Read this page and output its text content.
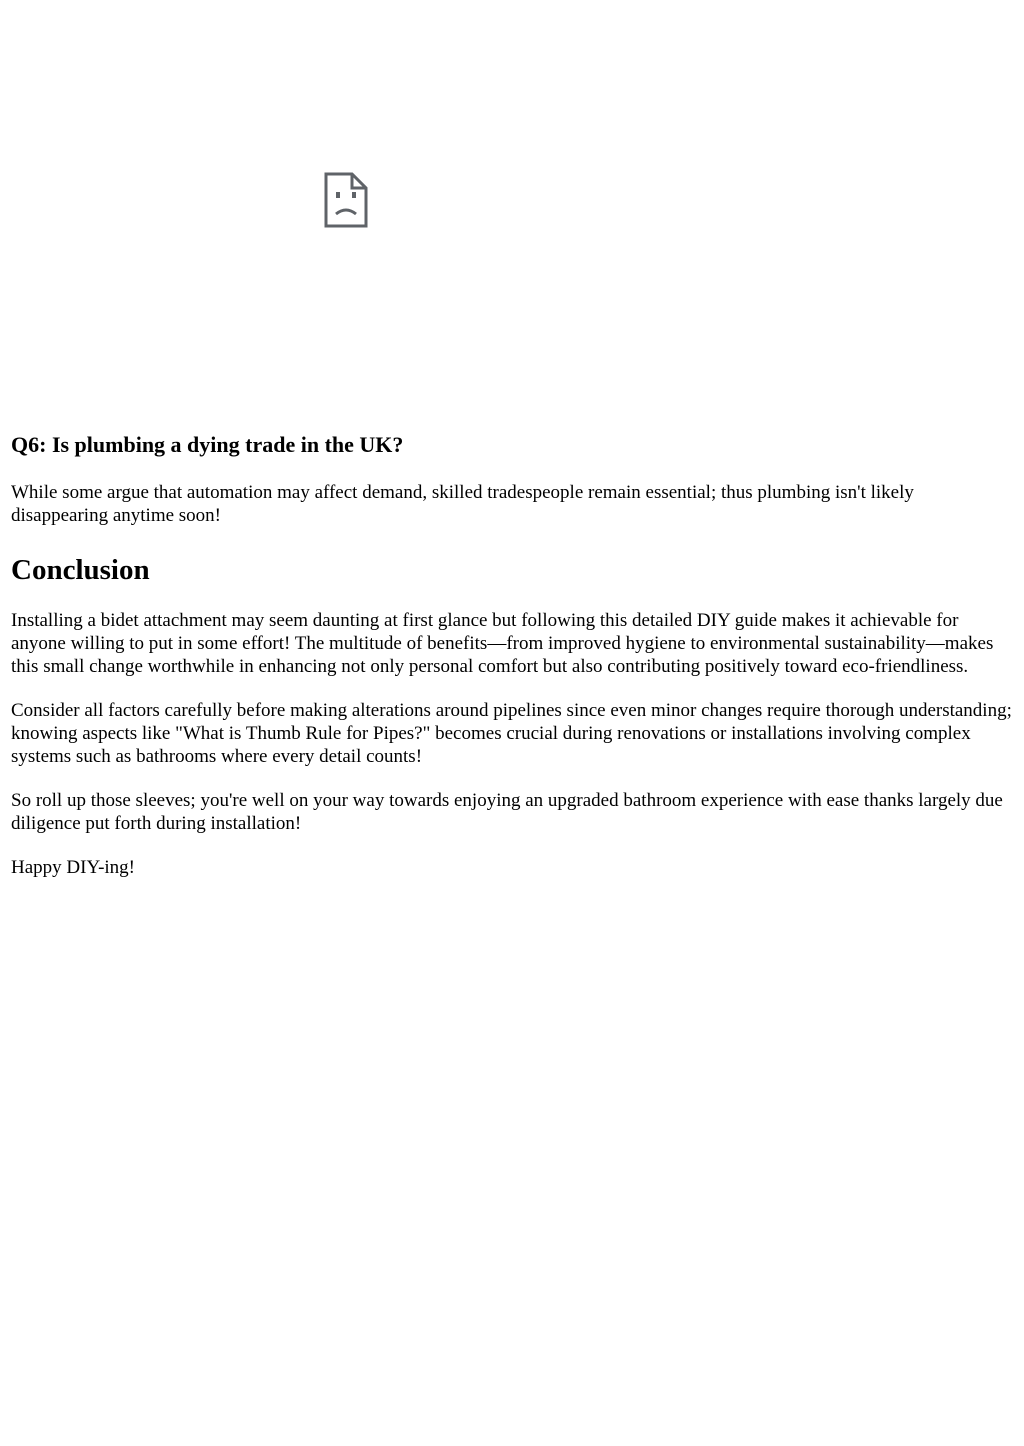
Q6: Is plumbing a dying trade in the UK?

While some argue that automation may affect demand, skilled tradespeople remain essential; thus plumbing isn't likely disappearing anytime soon!

Conclusion

Installing a bidet attachment may seem daunting at first glance but following this detailed DIY guide makes it achievable for anyone willing to put in some effort! The multitude of benefits—from improved hygiene to environmental sustainability—makes this small change worthwhile in enhancing not only personal comfort but also contributing positively toward eco-friendliness.

Consider all factors carefully before making alterations around pipelines since even minor changes require thorough understanding; knowing aspects like "What is Thumb Rule for Pipes?" becomes crucial during renovations or installations involving complex systems such as bathrooms where every detail counts!

So roll up those sleeves; you're well on your way towards enjoying an upgraded bathroom experience with ease thanks largely due diligence put forth during installation!

Happy DIY-ing!
